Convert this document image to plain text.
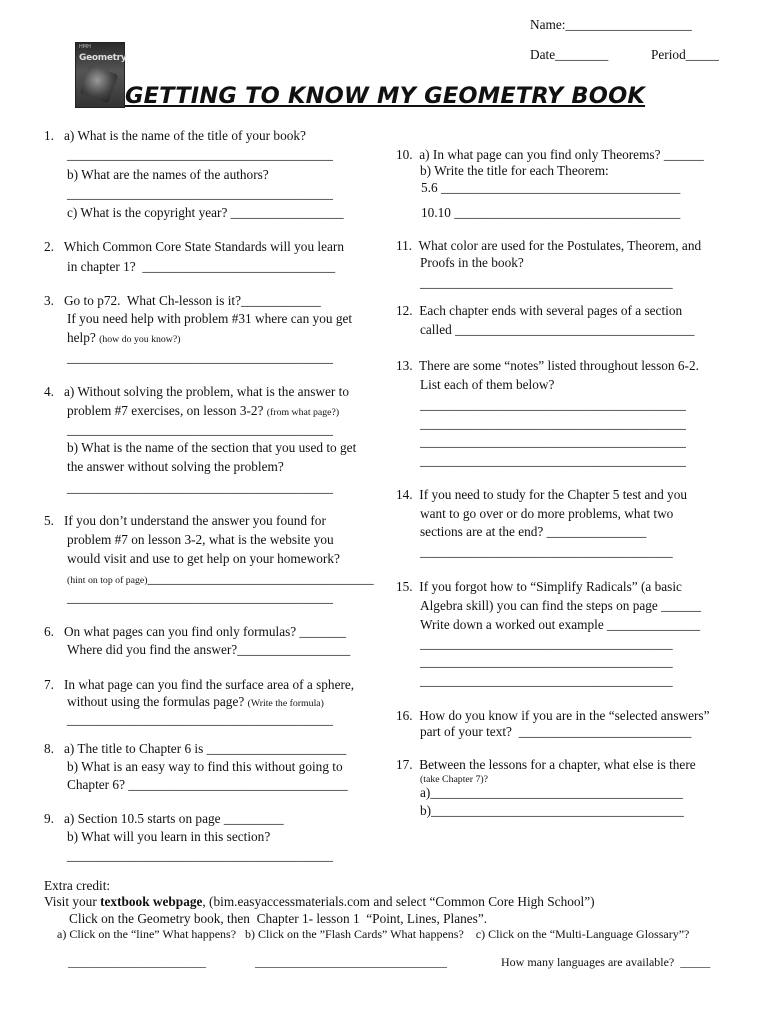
Name:___________________
Date________	Period_____
HMH
Geometry
GETTING TO KNOW MY GEOMETRY BOOK
1.   a) What is the name of the title of your book?
________________________________________
b) What are the names of the authors?
________________________________________
c) What is the copyright year? _________________
2.   Which Common Core State Standards will you learn
in chapter 1?  _____________________________
3.   Go to p72.  What Ch-lesson is it?____________
If you need help with problem #31 where can you get
help? (how do you know?)
________________________________________
4.   a) Without solving the problem, what is the answer to
problem #7 exercises, on lesson 3-2? (from what page?)
________________________________________
b) What is the name of the section that you used to get
the answer without solving the problem?
________________________________________
5.   If you don’t understand the answer you found for
problem #7 on lesson 3-2, what is the website you
would visit and use to get help on your homework?
(hint on top of page)__________________________________
________________________________________
6.   On what pages can you find only formulas? _______
Where did you find the answer?_________________
7.   In what page can you find the surface area of a sphere,
without using the formulas page? (Write the formula)
________________________________________
8.   a) The title to Chapter 6 is _____________________
b) What is an easy way to find this without going to
Chapter 6? _________________________________
9.   a) Section 10.5 starts on page _________
b) What will you learn in this section?
________________________________________
10.  a) In what page can you find only Theorems? ______
b) Write the title for each Theorem:
5.6 ____________________________________
10.10 __________________________________
11.  What color are used for the Postulates, Theorem, and
Proofs in the book?
______________________________________
12.  Each chapter ends with several pages of a section
called ____________________________________
13.  There are some “notes” listed throughout lesson 6-2.
List each of them below?
________________________________________
________________________________________
________________________________________
________________________________________
14.  If you need to study for the Chapter 5 test and you
want to go over or do more problems, what two
sections are at the end? _______________
______________________________________
15.  If you forgot how to “Simplify Radicals” (a basic
Algebra skill) you can find the steps on page ______
Write down a worked out example ______________
______________________________________
______________________________________
______________________________________
16.  How do you know if you are in the “selected answers”
part of your text?  __________________________
17.  Between the lessons for a chapter, what else is there
(take Chapter 7)?
a)______________________________________
b)______________________________________
Extra credit:
Visit your textbook webpage, (bim.easyaccessmaterials.com and select “Common Core High School”)
Click on the Geometry book, then  Chapter 1- lesson 1  “Point, Lines, Planes”.
a) Click on the “line” What happens?   b) Click on the ”Flash Cards” What happens?    c) Click on the “Multi-Language Glossary”?
_______________________	________________________________	How many languages are available?  _____
